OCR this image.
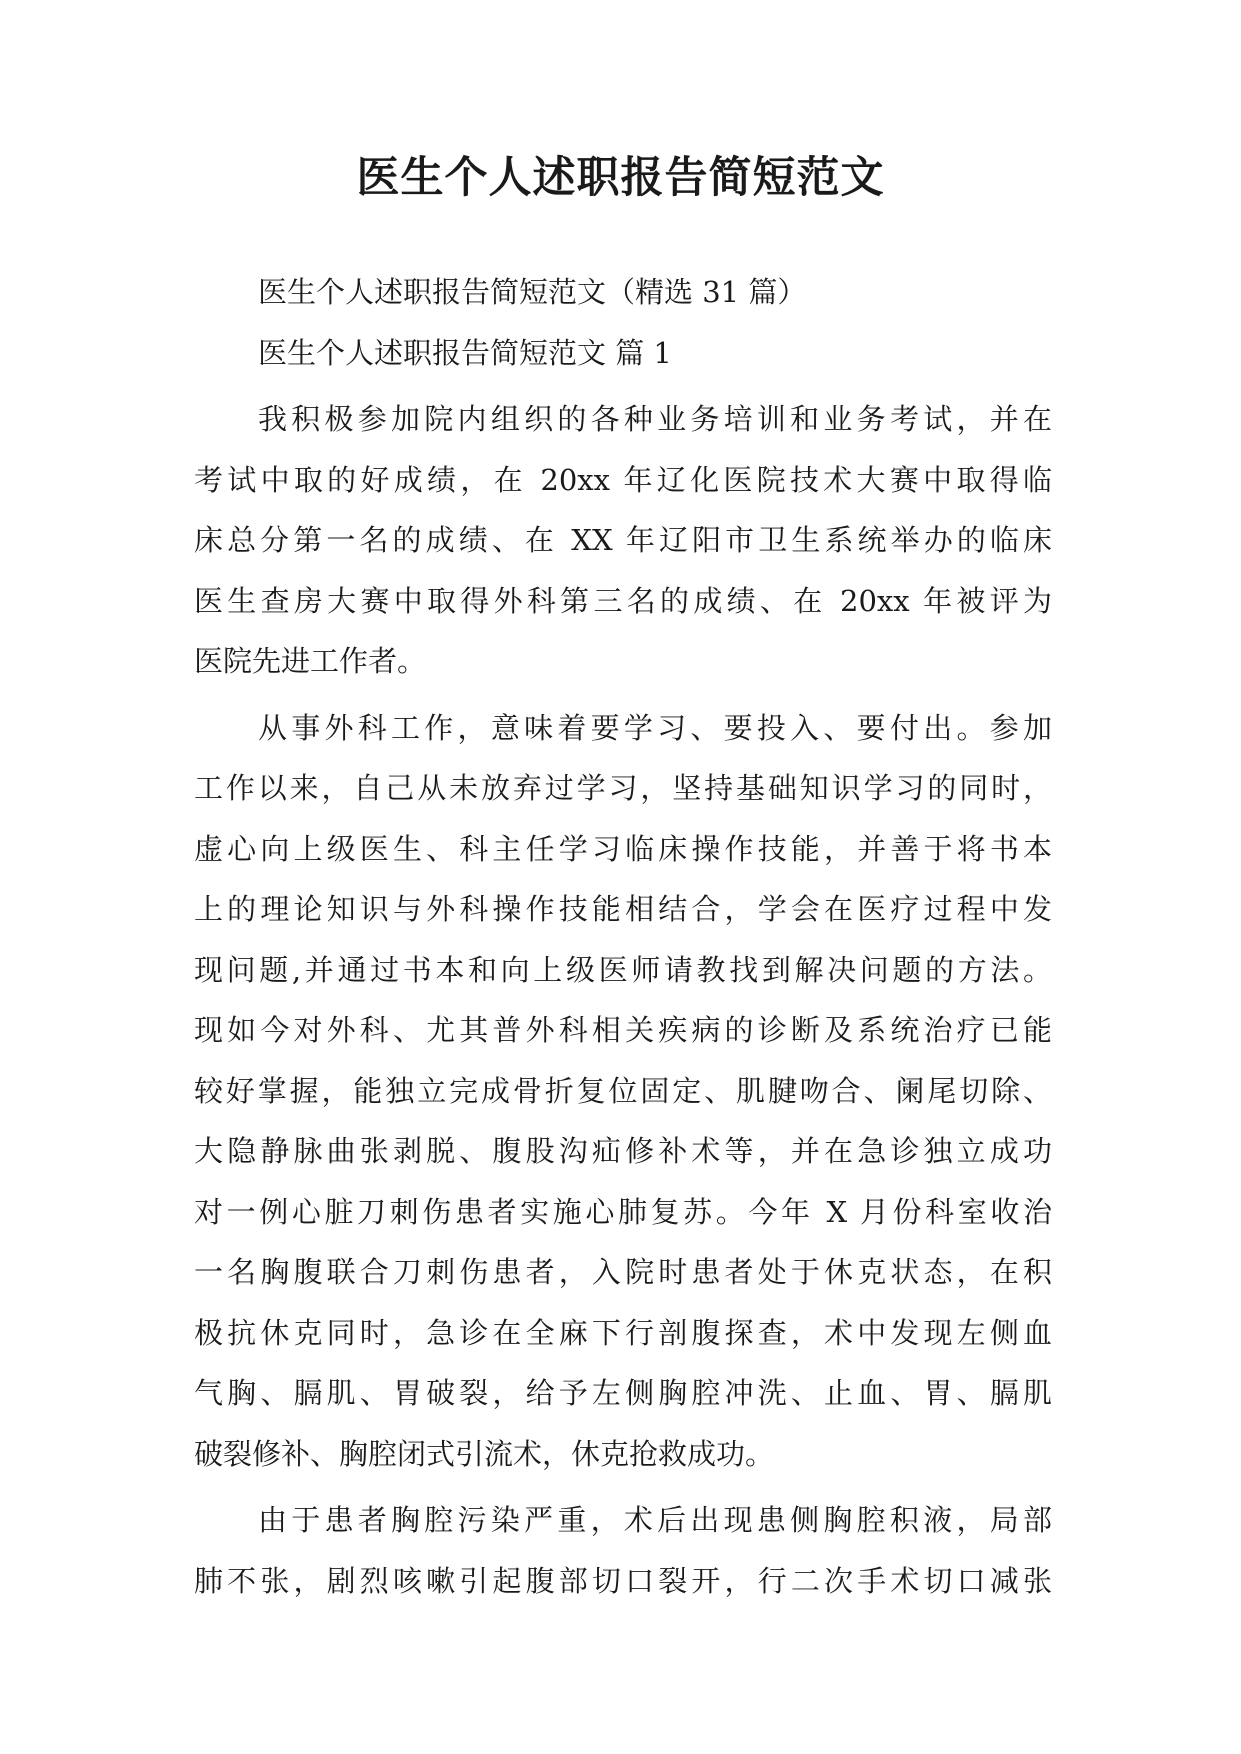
医生个人述职报告简短范文
医生个人述职报告简短范文（精选 31 篇）
医生个人述职报告简短范文 篇 1
我积极参加院内组织的各种业务培训和业务考试，并在
考试中取的好成绩，在 20xx 年辽化医院技术大赛中取得临
床总分第一名的成绩、在 XX 年辽阳市卫生系统举办的临床
医生查房大赛中取得外科第三名的成绩、在 20xx 年被评为
医院先进工作者。
从事外科工作，意味着要学习、要投入、要付出。参加
工作以来，自己从未放弃过学习，坚持基础知识学习的同时，
虚心向上级医生、科主任学习临床操作技能，并善于将书本
上的理论知识与外科操作技能相结合，学会在医疗过程中发
现问题,并通过书本和向上级医师请教找到解决问题的方法。
现如今对外科、尤其普外科相关疾病的诊断及系统治疗已能
较好掌握，能独立完成骨折复位固定、肌腱吻合、阑尾切除、
大隐静脉曲张剥脱、腹股沟疝修补术等，并在急诊独立成功
对一例心脏刀刺伤患者实施心肺复苏。今年 X 月份科室收治
一名胸腹联合刀刺伤患者，入院时患者处于休克状态，在积
极抗休克同时，急诊在全麻下行剖腹探查，术中发现左侧血
气胸、膈肌、胃破裂，给予左侧胸腔冲洗、止血、胃、膈肌
破裂修补、胸腔闭式引流术，休克抢救成功。
由于患者胸腔污染严重，术后出现患侧胸腔积液，局部
肺不张，剧烈咳嗽引起腹部切口裂开，行二次手术切口减张
